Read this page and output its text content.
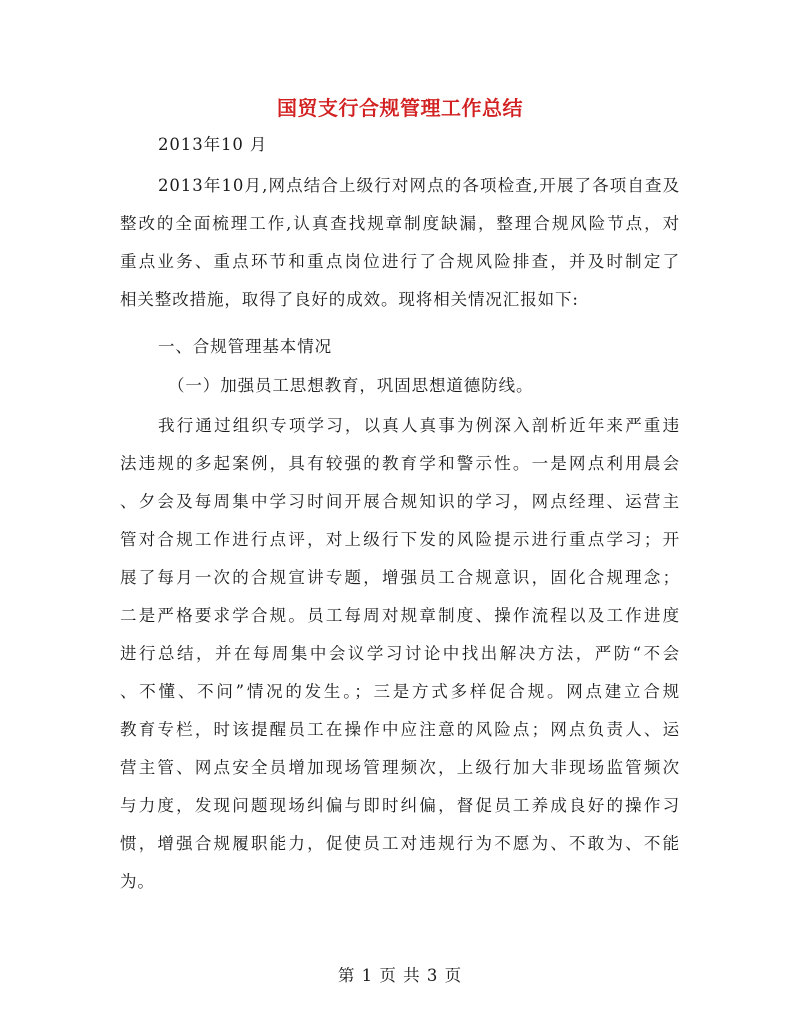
国贸支行合规管理工作总结
2013年10 月
2013年10月,网点结合上级行对网点的各项检查,开展了各项自查及
整改的全面梳理工作,认真查找规章制度缺漏，整理合规风险节点，对
重点业务、重点环节和重点岗位进行了合规风险排查，并及时制定了
相关整改措施，取得了良好的成效。现将相关情况汇报如下:
一、合规管理基本情况
（一）加强员工思想教育，巩固思想道德防线。
我行通过组织专项学习，以真人真事为例深入剖析近年来严重违
法违规的多起案例，具有较强的教育学和警示性。一是网点利用晨会
、夕会及每周集中学习时间开展合规知识的学习，网点经理、运营主
管对合规工作进行点评，对上级行下发的风险提示进行重点学习；开
展了每月一次的合规宣讲专题，增强员工合规意识，固化合规理念；
二是严格要求学合规。员工每周对规章制度、操作流程以及工作进度
进行总结，并在每周集中会议学习讨论中找出解决方法，严防“不会
、不懂、不问”情况的发生。；三是方式多样促合规。网点建立合规
教育专栏，时该提醒员工在操作中应注意的风险点；网点负责人、运
营主管、网点安全员增加现场管理频次，上级行加大非现场监管频次
与力度，发现问题现场纠偏与即时纠偏，督促员工养成良好的操作习
惯，增强合规履职能力，促使员工对违规行为不愿为、不敢为、不能
为。
第 1 页 共 3 页
